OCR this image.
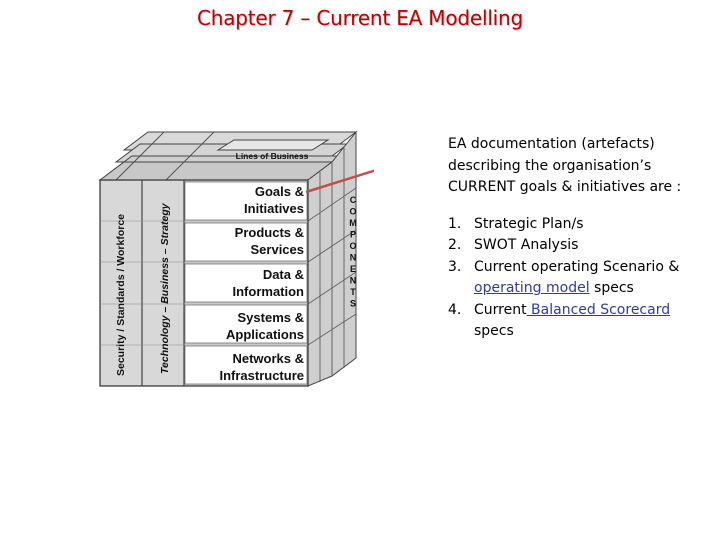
Chapter 7 – Current EA Modelling
Lines of Business
Goals &
Initiatives
Products &
Services
Data &
Information
Systems &
Applications
Networks &
Infrastructure
Security / Standards / Workforce	Technology – Business – Strategy
C
O
M
P
O
N
E
N
T
S

EA documentation (artefacts) describing the organisation’s CURRENT goals & initiatives are :

1. Strategic Plan/s
2. SWOT Analysis
3. Current operating Scenario & operating model specs
4. Current Balanced Scorecard specs
